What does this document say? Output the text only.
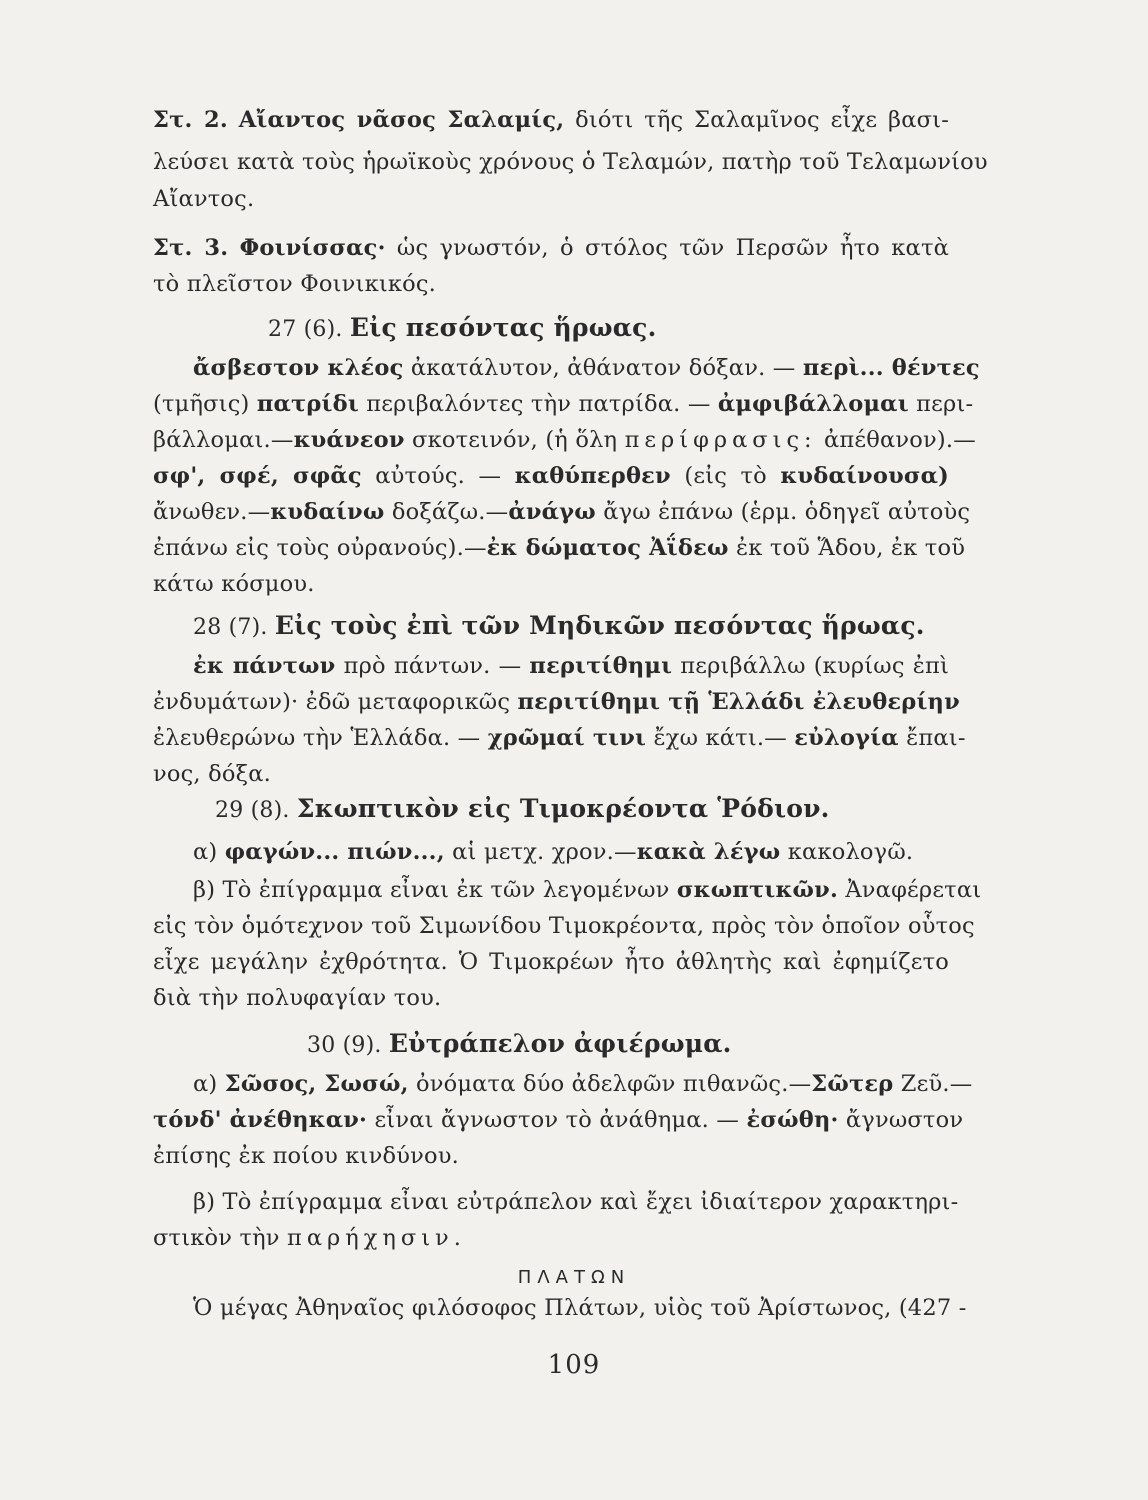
Στ. 2. Αἴαντος νᾶσος Σαλαμίς, διότι τῆς Σαλαμῖνος εἶχε βασι-
λεύσει κατὰ τοὺς ἡρωϊκοὺς χρόνους ὁ Τελαμών, πατὴρ τοῦ Τελαμωνίου
Αἴαντος.
Στ. 3. Φοινίσσας· ὡς γνωστόν, ὁ στόλος τῶν Περσῶν ἦτο κατὰ
τὸ πλεῖστον Φοινικικός.
27 (6). Εἰς πεσόντας ἥρωας.
ἄσβεστον κλέος ἀκατάλυτον, ἀθάνατον δόξαν. — περὶ... θέντες
(τμῆσις) πατρίδι περιβαλόντες τὴν πατρίδα. — ἀμφιβάλλομαι περι-
βάλλομαι.—κυάνεον σκοτεινόν, (ἡ ὅλη περίφρασις: ἀπέθανον).—
σφ', σφέ, σφᾶς αὐτούς. — καθύπερθεν (εἰς τὸ κυδαίνουσα)
ἄνωθεν.—κυδαίνω δοξάζω.—ἀνάγω ἄγω ἐπάνω (ἑρμ. ὁδηγεῖ αὐτοὺς
ἐπάνω εἰς τοὺς οὐρανούς).—ἐκ δώματος Ἀΐδεω ἐκ τοῦ Ἅδου, ἐκ τοῦ
κάτω κόσμου.
28 (7). Εἰς τοὺς ἐπὶ τῶν Μηδικῶν πεσόντας ἥρωας.
ἐκ πάντων πρὸ πάντων. — περιτίθημι περιβάλλω (κυρίως ἐπὶ
ἐνδυμάτων)· ἐδῶ μεταφορικῶς περιτίθημι τῇ Ἑλλάδι ἐλευθερίην
ἐλευθερώνω τὴν Ἑλλάδα. — χρῶμαί τινι ἔχω κάτι.— εὐλογία ἔπαι-
νος, δόξα.
29 (8). Σκωπτικὸν εἰς Τιμοκρέοντα Ῥόδιον.
α) φαγών... πιών..., αἱ μετχ. χρον.—κακὰ λέγω κακολογῶ.
β) Τὸ ἐπίγραμμα εἶναι ἐκ τῶν λεγομένων σκωπτικῶν. Ἀναφέρεται
εἰς τὸν ὁμότεχνον τοῦ Σιμωνίδου Τιμοκρέοντα, πρὸς τὸν ὁποῖον οὗτος
εἶχε μεγάλην ἐχθρότητα. Ὁ Τιμοκρέων ἦτο ἀθλητὴς καὶ ἐφημίζετο
διὰ τὴν πολυφαγίαν του.
30 (9). Εὐτράπελον ἀφιέρωμα.
α) Σῶσος, Σωσώ, ὀνόματα δύο ἀδελφῶν πιθανῶς.—Σῶτερ Ζεῦ.—
τόνδ' ἀνέθηκαν· εἶναι ἄγνωστον τὸ ἀνάθημα. — ἐσώθη· ἄγνωστον
ἐπίσης ἐκ ποίου κινδύνου.
β) Τὸ ἐπίγραμμα εἶναι εὐτράπελον καὶ ἔχει ἰδιαίτερον χαρακτηρι-
στικὸν τὴν παρήχησιν.
ΠΛΑΤΩΝ
Ὁ μέγας Ἀθηναῖος φιλόσοφος Πλάτων, υἱὸς τοῦ Ἀρίστωνος, (427 -
109
